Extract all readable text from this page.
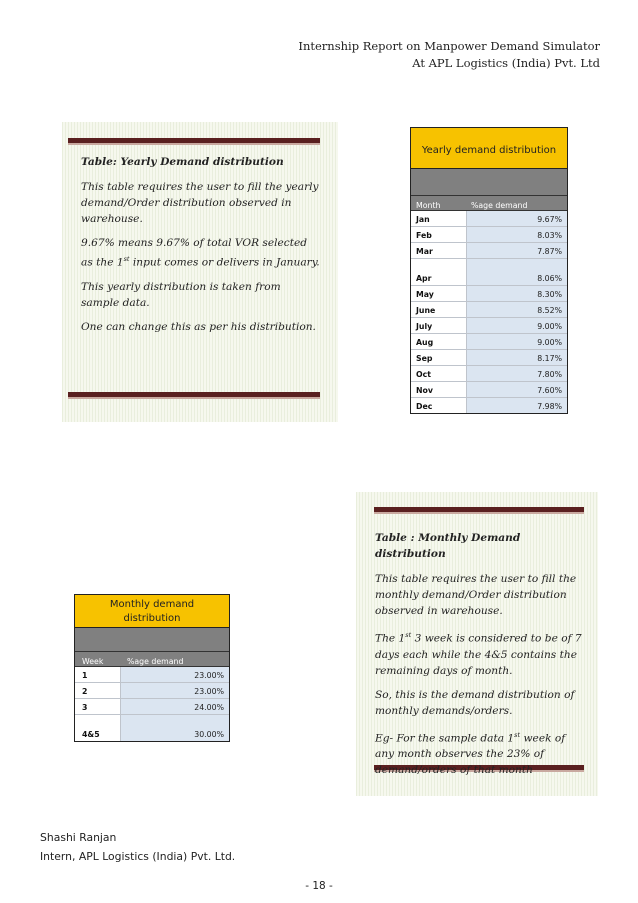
Internship Report on Manpower Demand Simulator
At APL Logistics (India) Pvt. Ltd
Table: Yearly Demand distribution

This table requires the user to fill the yearly demand/Order distribution observed in warehouse.

9.67% means 9.67% of total VOR selected as the 1st input comes or delivers in January.

This yearly distribution is taken from sample data.

One can change this as per his distribution.

Yearly demand distribution
Month	%age demand
Jan	9.67%
Feb	8.03%
Mar	7.87%
Apr	8.06%
May	8.30%
June	8.52%
July	9.00%
Aug	9.00%
Sep	8.17%
Oct	7.80%
Nov	7.60%
Dec	7.98%
Monthly demand
distribution
Week	%age demand
1	23.00%
2	23.00%
3	24.00%
4&5	30.00%
Table : Monthly Demand distribution

This table requires the user to fill the monthly demand/Order distribution observed in warehouse.

The 1st 3 week is considered to be of 7 days each while the 4&5 contains the remaining days of month.

So, this is the demand distribution of monthly demands/orders.

Eg- For the sample data 1st week of any month observes the 23% of demand/orders of that month

Shashi Ranjan
Intern, APL Logistics (India) Pvt. Ltd.
- 18 -
